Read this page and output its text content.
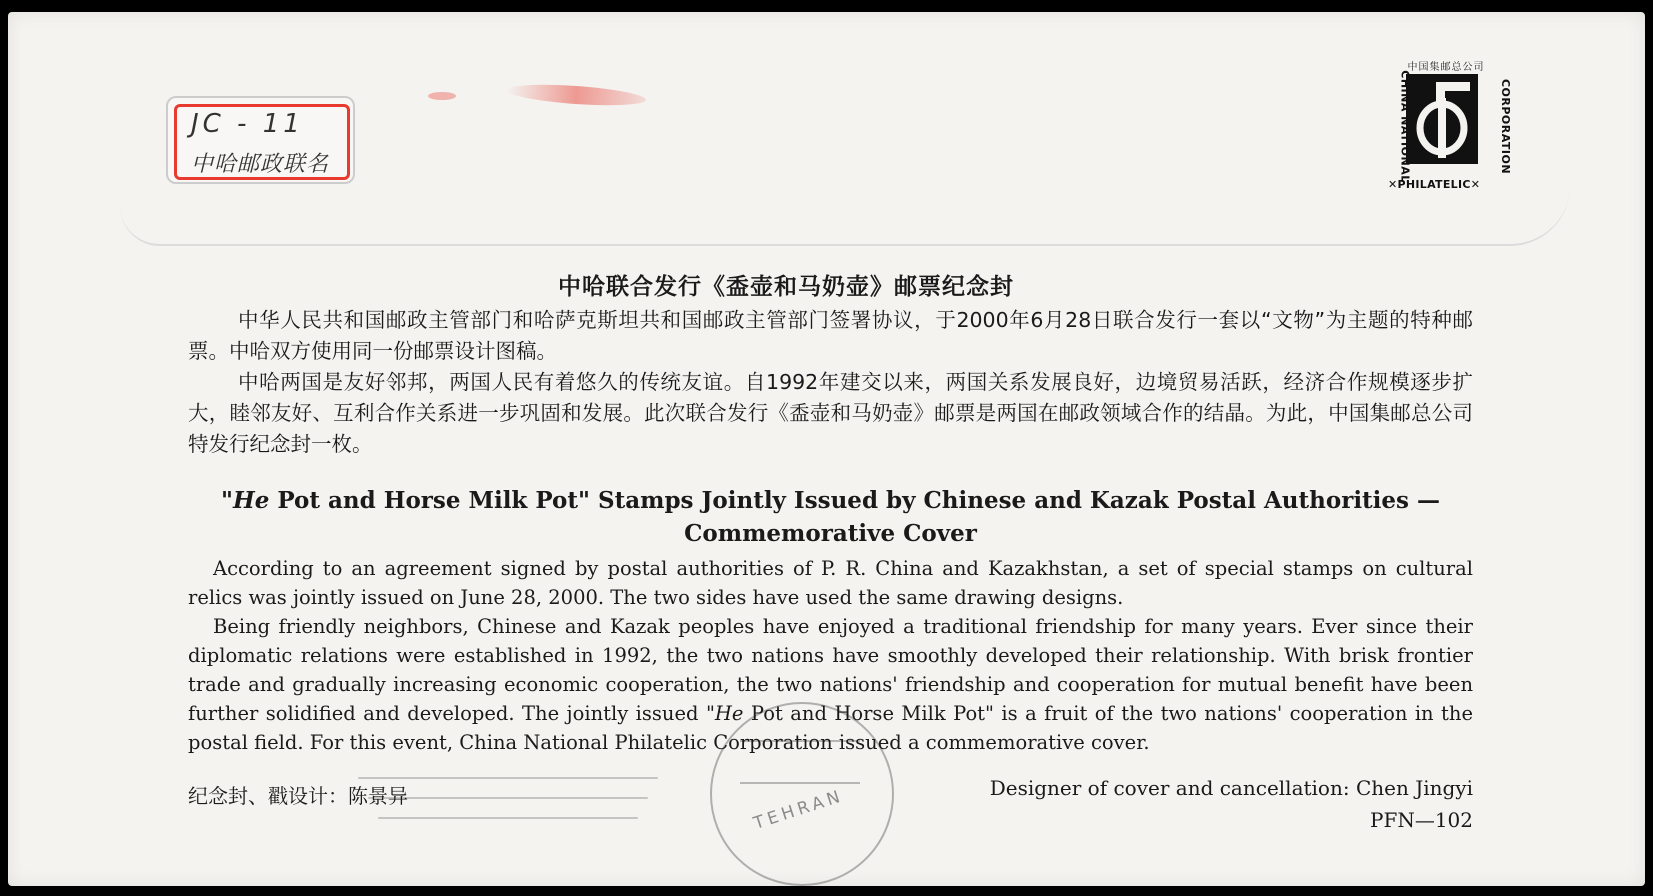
JC - 11
中哈邮政联名
中国集邮总公司
CHINA NATIONAL	CORPORATION
✕PHILATELIC✕
TEHRAN
中哈联合发行《盉壶和马奶壶》邮票纪念封
中华人民共和国邮政主管部门和哈萨克斯坦共和国邮政主管部门签署协议，于2000年6月28日联合发行一套以“文物”为主题的特种邮票。中哈双方使用同一份邮票设计图稿。
中哈两国是友好邻邦，两国人民有着悠久的传统友谊。自1992年建交以来，两国关系发展良好，边境贸易活跃，经济合作规模逐步扩大，睦邻友好、互利合作关系进一步巩固和发展。此次联合发行《盉壶和马奶壶》邮票是两国在邮政领域合作的结晶。为此，中国集邮总公司特发行纪念封一枚。
"He Pot and Horse Milk Pot" Stamps Jointly Issued by Chinese and Kazak Postal Authorities —
Commemorative Cover
According to an agreement signed by postal authorities of P. R. China and Kazakhstan, a set of special stamps on cultural relics was jointly issued on June 28, 2000. The two sides have used the same drawing designs.
Being friendly neighbors, Chinese and Kazak peoples have enjoyed a traditional friendship for many years. Ever since their diplomatic relations were established in 1992, the two nations have smoothly developed their relationship. With brisk frontier trade and gradually increasing economic cooperation, the two nations' friendship and cooperation for mutual benefit have been further solidified and developed. The jointly issued "He Pot and Horse Milk Pot" is a fruit of the two nations' cooperation in the postal field. For this event, China National Philatelic Corporation issued a commemorative cover.
纪念封、戳设计：陈景异	Designer of cover and cancellation: Chen Jingyi
PFN—102
